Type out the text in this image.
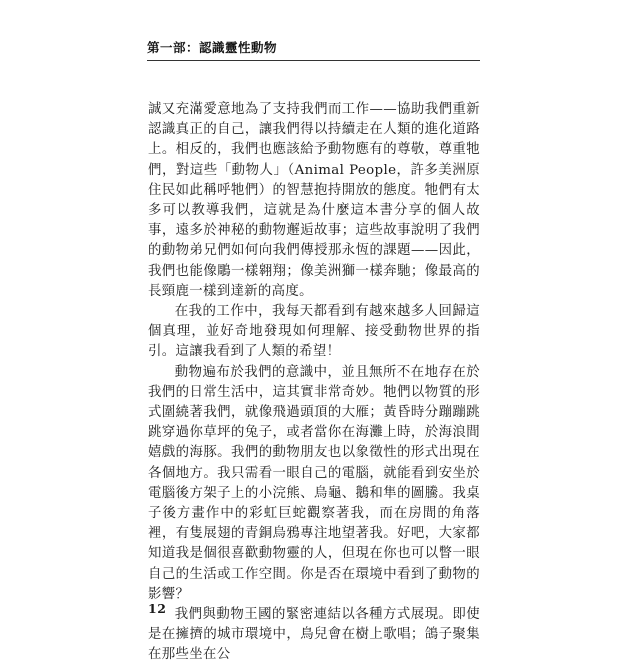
第一部：認識靈性動物

誠又充滿愛意地為了支持我們而工作——協助我們重新認識真正的自己，讓我們得以持續走在人類的進化道路上。相反的，我們也應該給予動物應有的尊敬，尊重牠們，對這些「動物人」（Animal People，許多美洲原住民如此稱呼牠們）的智慧抱持開放的態度。牠們有太多可以教導我們，這就是為什麼這本書分享的個人故事，遠多於神秘的動物邂逅故事；這些故事說明了我們的動物弟兄們如何向我們傳授那永恆的課題——因此，我們也能像鵰一樣翱翔；像美洲獅一樣奔馳；像最高的長頸鹿一樣到達新的高度。

在我的工作中，我每天都看到有越來越多人回歸這個真理，並好奇地發現如何理解、接受動物世界的指引。這讓我看到了人類的希望！

動物遍布於我們的意識中，並且無所不在地存在於我們的日常生活中，這其實非常奇妙。牠們以物質的形式圍繞著我們，就像飛過頭頂的大雁；黃昏時分蹦蹦跳跳穿過你草坪的兔子，或者當你在海灘上時，於海浪間嬉戲的海豚。我們的動物朋友也以象徵性的形式出現在各個地方。我只需看一眼自己的電腦，就能看到安坐於電腦後方架子上的小浣熊、烏龜、鵝和隼的圖騰。我桌子後方畫作中的彩虹巨蛇觀察著我，而在房間的角落裡，有隻展翅的青銅烏鴉專注地望著我。好吧，大家都知道我是個很喜歡動物靈的人，但現在你也可以瞥一眼自己的生活或工作空間。你是否在環境中看到了動物的影響？

我們與動物王國的緊密連結以各種方式展現。即使是在擁擠的城市環境中，鳥兒會在樹上歌唱；鴿子聚集在那些坐在公

12
